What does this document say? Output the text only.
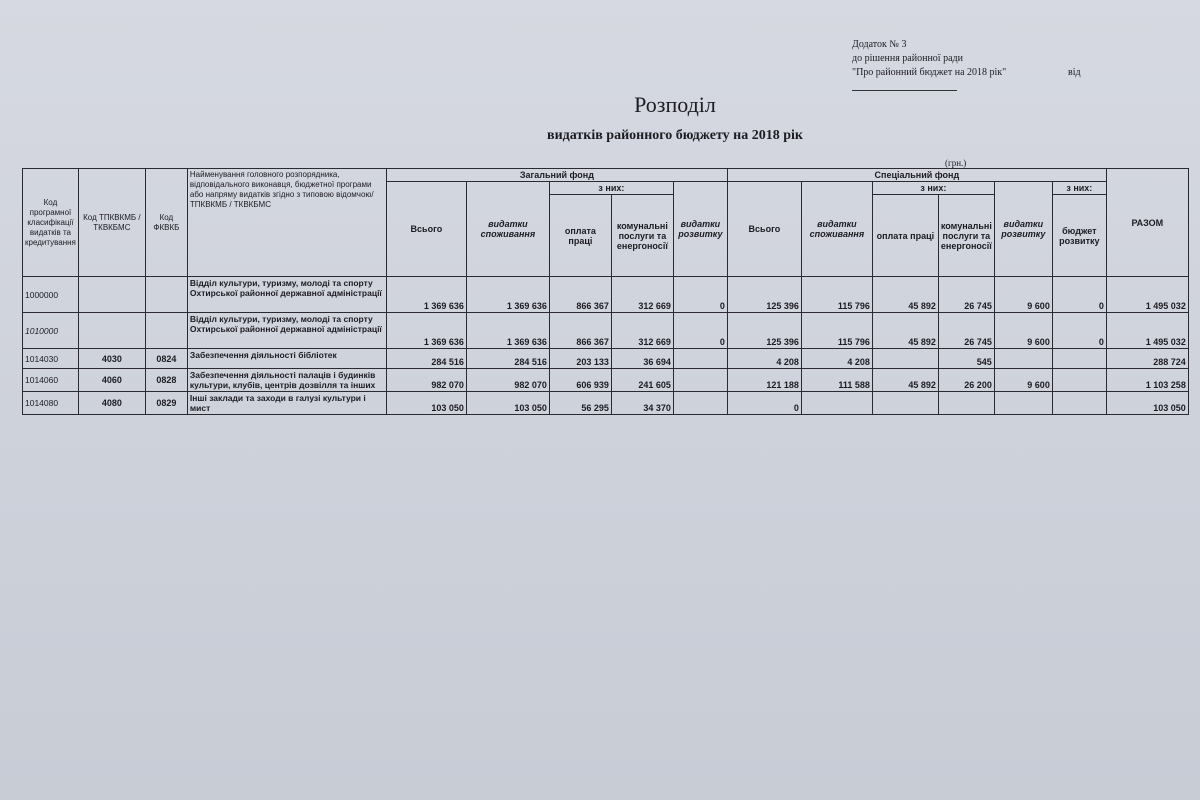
Додаток № 3
до рішення районної ради
"Про районний бюджет на 2018 рік"	від
Розподіл
видатків районного бюджету на 2018 рік
(грн.)
Код програмної класифікації видатків та кредитування	Код ТПКВКМБ / ТКВКБМС	Код ФКВКБ	Найменування головного розпорядника, відповідального виконавця, бюджетної програми або напряму видатків згідно з типовою відомчою/ТПКВКМБ / ТКВКБМС	Загальний фонд					Спеціальний фонд						РАЗОМ
				Всього	видатки споживання	з них:		видатки розвитку	Всього	видатки споживання	з них:		видатки розвитку	з них:	
						оплата праці	комунальні послуги та енергоносії				оплата праці	комунальні послуги та енергоносії		бюджет розвитку	
1000000			Відділ культури, туризму, молоді та спорту Охтирської районної державної адміністрації	1 369 636	1 369 636	866 367	312 669	0	125 396	115 796	45 892	26 745	9 600	0	1 495 032
1010000			Відділ культури, туризму, молоді та спорту Охтирської районної державної адміністрації	1 369 636	1 369 636	866 367	312 669	0	125 396	115 796	45 892	26 745	9 600	0	1 495 032
1014030	4030	0824	Забезпечення діяльності бібліотек	284 516	284 516	203 133	36 694		4 208	4 208		545			288 724
1014060	4060	0828	Забезпечення діяльності палаців і будинків культури, клубів, центрів дозвілля та інших	982 070	982 070	606 939	241 605		121 188	111 588	45 892	26 200	9 600		1 103 258
1014080	4080	0829	Інші заклади та заходи в галузі культури і мист	103 050	103 050	56 295	34 370		0						103 050
